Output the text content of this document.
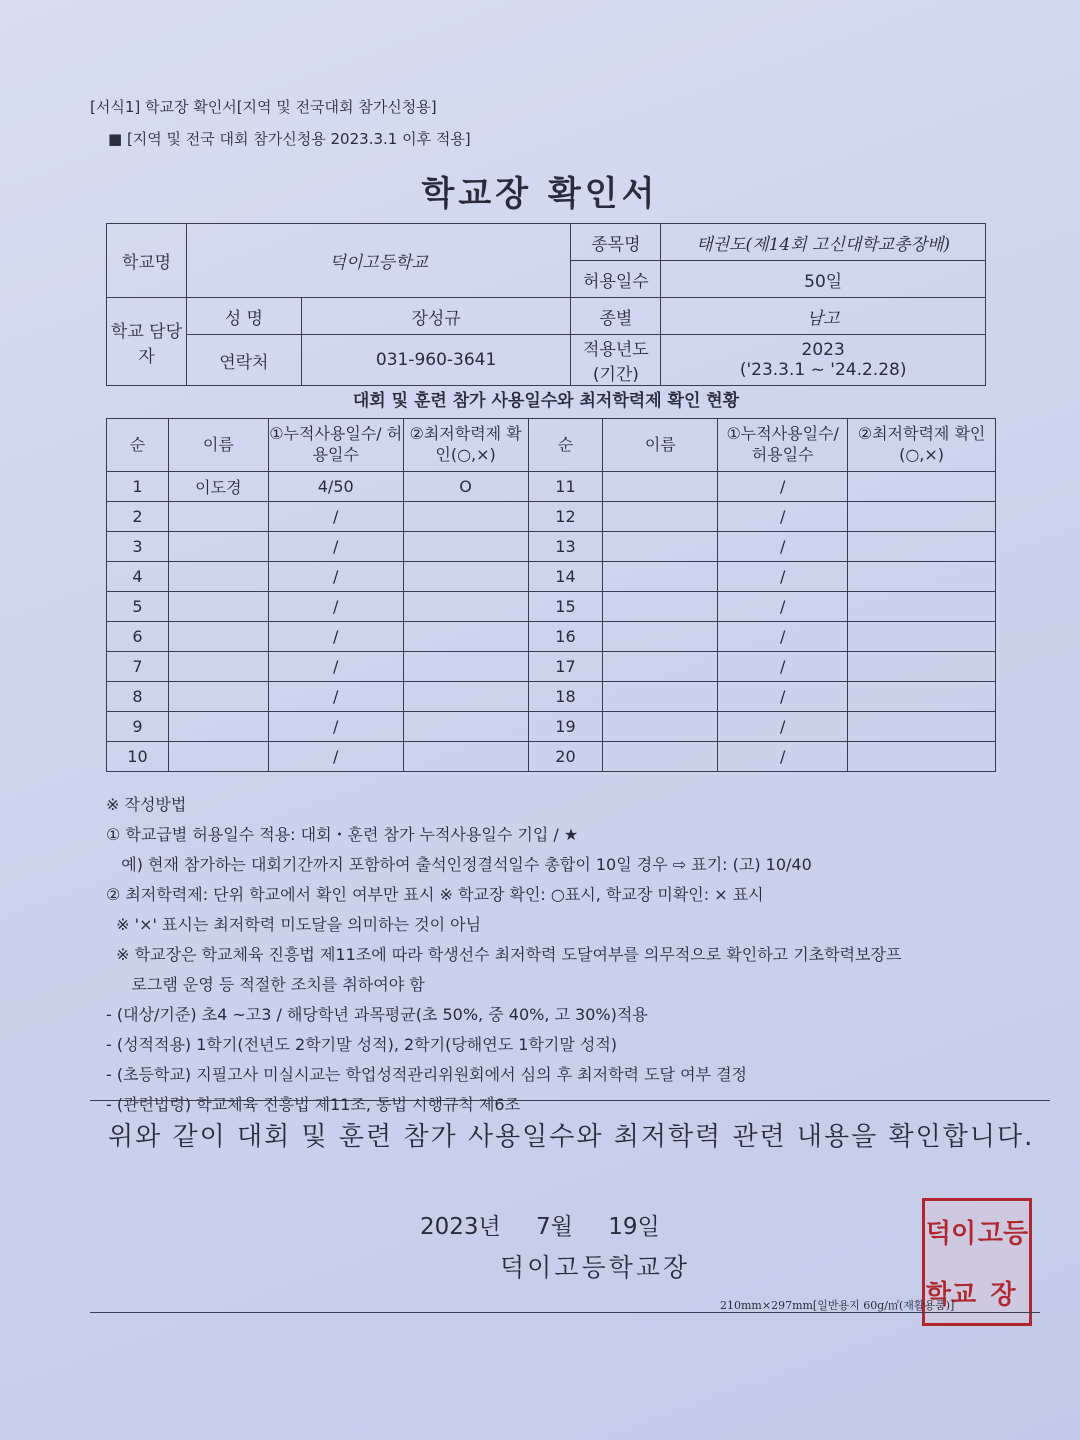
[서식1] 학교장 확인서[지역 및 전국대회 참가신청용]
■ [지역 및 전국 대회 참가신청용 2023.3.1 이후 적용]
학교장 확인서
학교명	덕이고등학교		종목명	태권도(제14회 고신대학교총장배)
			허용일수	50일
학교 담당자	성 명	장성규	종별	남고
	연락처	031-960-3641	적용년도 (기간)	2023
('23.3.1 ~ '24.2.28)
대회 및 훈련 참가 사용일수와 최저학력제 확인 현황
순	이름	①누적사용일수/ 허용일수	②최저학력제 확인(○,×)	순	이름	①누적사용일수/ 허용일수	②최저학력제 확인(○,×)
1	이도경	4/50	O	11		/	
2		/		12		/	
3		/		13		/	
4		/		14		/	
5		/		15		/	
6		/		16		/	
7		/		17		/	
8		/		18		/	
9		/		19		/	
10		/		20		/	
※ 작성방법
① 학교급별 허용일수 적용: 대회・훈련 참가 누적사용일수 기입 / ★
예) 현재 참가하는 대회기간까지 포함하여 출석인정결석일수 총합이 10일 경우 ⇨ 표기: (고) 10/40
② 최저학력제: 단위 학교에서 확인 여부만 표시 ※ 학교장 확인: ○표시, 학교장 미확인: × 표시
※ '×' 표시는 최저학력 미도달을 의미하는 것이 아님
※ 학교장은 학교체육 진흥법 제11조에 따라 학생선수 최저학력 도달여부를 의무적으로 확인하고 기초학력보장프
로그램 운영 등 적절한 조치를 취하여야 함
- (대상/기준) 초4 ~고3 / 해당학년 과목평균(초 50%, 중 40%, 고 30%)적용
- (성적적용) 1학기(전년도 2학기말 성적), 2학기(당해연도 1학기말 성적)
- (초등학교) 지필고사 미실시교는 학업성적관리위원회에서 심의 후 최저학력 도달 여부 결정
- (관련법령) 학교체육 진흥법 제11조, 동법 시행규칙 제6조
위와 같이 대회 및 훈련 참가 사용일수와 최저학력 관련 내용을 확인합니다.
2023년 7월 19일
덕이고등학교장
덕이 고등
학교 장
210mm×297mm[일반용지 60g/㎡(재활용품)]
